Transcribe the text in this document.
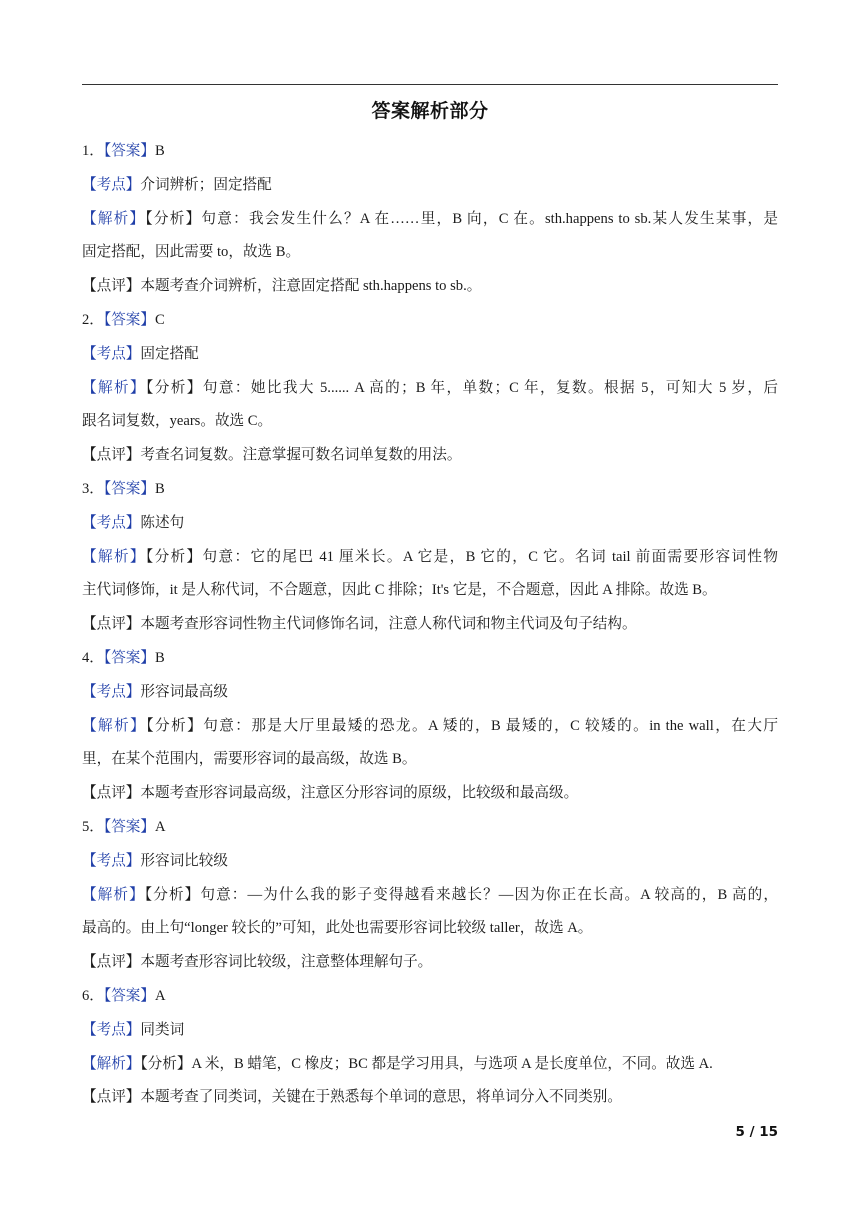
答案解析部分
1．【答案】B
【考点】介词辨析；固定搭配
【解析】【分析】句意：我会发生什么？A 在……里，B 向，C 在。sth.happens to sb.某人发生某事，是
固定搭配，因此需要 to，故选 B。
【点评】本题考查介词辨析，注意固定搭配 sth.happens to sb.。
2．【答案】C
【考点】固定搭配
【解析】【分析】句意：她比我大 5...... A 高的；B 年，单数；C 年，复数。根据 5，可知大 5 岁，后
跟名词复数，years。故选 C。
【点评】考查名词复数。注意掌握可数名词单复数的用法。
3．【答案】B
【考点】陈述句
【解析】【分析】句意：它的尾巴 41 厘米长。A 它是，B 它的，C 它。名词 tail 前面需要形容词性物
主代词修饰，it 是人称代词，不合题意，因此 C 排除；It's 它是，不合题意，因此 A 排除。故选 B。
【点评】本题考查形容词性物主代词修饰名词，注意人称代词和物主代词及句子结构。
4．【答案】B
【考点】形容词最高级
【解析】【分析】句意：那是大厅里最矮的恐龙。A 矮的，B 最矮的，C 较矮的。in the wall，在大厅
里，在某个范围内，需要形容词的最高级，故选 B。
【点评】本题考查形容词最高级，注意区分形容词的原级，比较级和最高级。
5．【答案】A
【考点】形容词比较级
【解析】【分析】句意：—为什么我的影子变得越看来越长？—因为你正在长高。A 较高的，B 高的，
最高的。由上句“longer 较长的”可知，此处也需要形容词比较级 taller，故选 A。
【点评】本题考查形容词比较级，注意整体理解句子。
6．【答案】A
【考点】同类词
【解析】【分析】A 米，B 蜡笔，C 橡皮；BC 都是学习用具，与选项 A 是长度单位，不同。故选 A.
【点评】本题考查了同类词，关键在于熟悉每个单词的意思，将单词分入不同类别。
5 / 15
